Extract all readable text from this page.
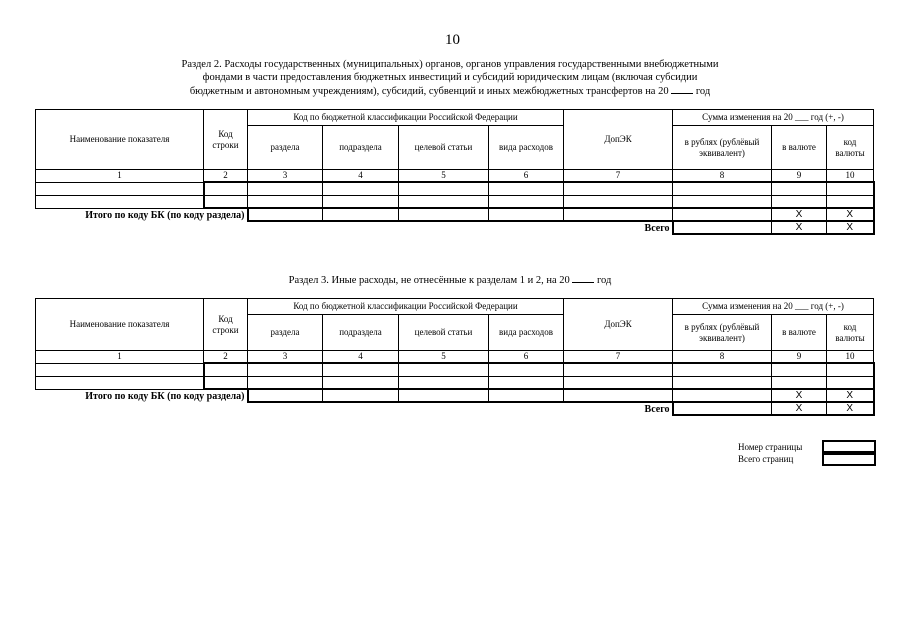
10
Раздел 2. Расходы государственных (муниципальных) органов, органов управления государственными внебюджетными
фондами в части предоставления бюджетных инвестиций и субсидий юридическим лицам (включая субсидии
бюджетным и автономным учреждениям), субсидий, субвенций и иных межбюджетных трансфертов на 20	год
Наименование показателя	Код строки	Код по бюджетной классификации Российской Федерации				ДопЭК	Сумма изменения на 20 ___ год (+, -)		
		раздела	подраздела	целевой статьи	вида расходов		в рублях (рублёвый эквивалент)	в валюте	код валюты
1	2	3	4	5	6	7	8	9	10

Итого по коду БК (по коду раздела)								X	X
Всего								X	X
Раздел 3. Иные расходы, не отнесённые к разделам 1 и 2, на 20	год
Наименование показателя	Код строки	Код по бюджетной классификации Российской Федерации				ДопЭК	Сумма изменения на 20 ___ год (+, -)		
		раздела	подраздела	целевой статьи	вида расходов		в рублях (рублёвый эквивалент)	в валюте	код валюты
1	2	3	4	5	6	7	8	9	10

Итого по коду БК (по коду раздела)								X	X
Всего								X	X
Номер страницы
Всего страниц
